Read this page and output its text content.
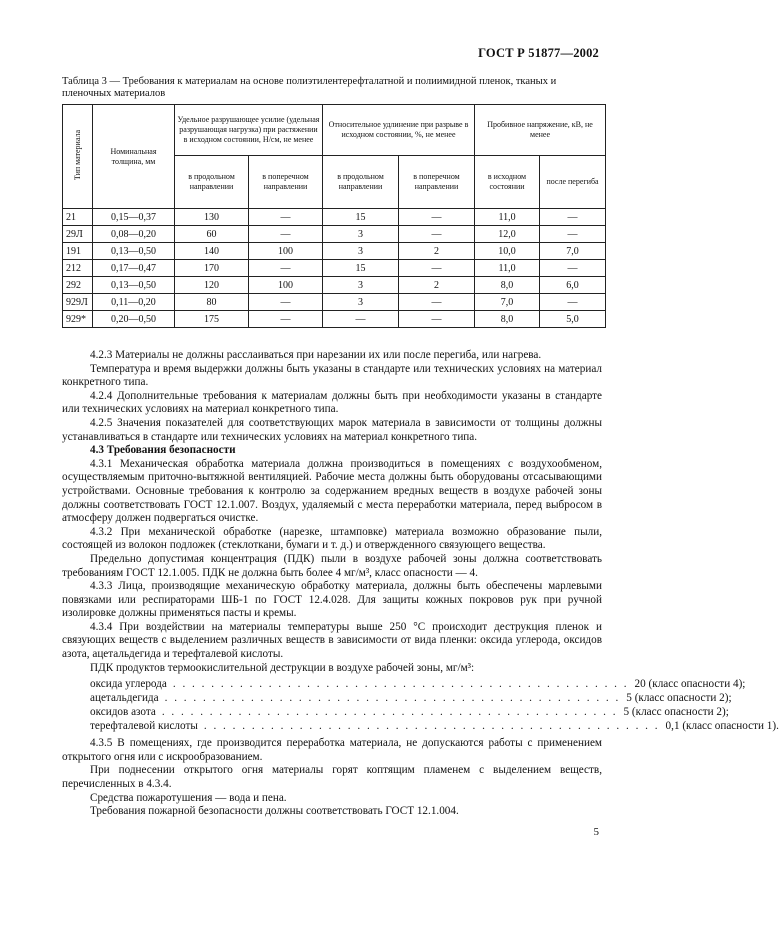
ГОСТ Р 51877—2002
Таблица 3 — Требования к материалам на основе полиэтилентерефталатной и полиимидной пленок, тканых и пленочных материалов
Тип материала	Номинальная толщина, мм	Удельное разрушающее усилие (удельная разрушающая нагрузка) при растяжении в исходном состоянии, Н/см, не менее		Относительное удлинение при разрыве в исходном состоянии, %, не менее		Пробивное напряжение, кВ, не менее	
		в продольном направлении	в поперечном направлении	в продольном направлении	в поперечном направлении	в исходном состоянии	после перегиба
21	0,15—0,37	130	—	15	—	11,0	—
29Л	0,08—0,20	60	—	3	—	12,0	—
191	0,13—0,50	140	100	3	2	10,0	7,0
212	0,17—0,47	170	—	15	—	11,0	—
292	0,13—0,50	120	100	3	2	8,0	6,0
929Л	0,11—0,20	80	—	3	—	7,0	—
929*	0,20—0,50	175	—	—	—	8,0	5,0

4.2.3 Материалы не должны расслаиваться при нарезании их или после перегиба, или нагрева.

Температура и время выдержки должны быть указаны в стандарте или технических условиях на материал конкретного типа.

4.2.4 Дополнительные требования к материалам должны быть при необходимости указаны в стандарте или технических условиях на материал конкретного типа.

4.2.5 Значения показателей для соответствующих марок материала в зависимости от толщины должны устанавливаться в стандарте или технических условиях на материал конкретного типа.

4.3 Требования безопасности

4.3.1 Механическая обработка материала должна производиться в помещениях с воздухообменом, осуществляемым приточно-вытяжной вентиляцией. Рабочие места должны быть оборудованы отсасывающими устройствами. Основные требования к контролю за содержанием вредных веществ в воздухе рабочей зоны должны соответствовать ГОСТ 12.1.007. Воздух, удаляемый с места переработки материала, перед выбросом в атмосферу должен подвергаться очистке.

4.3.2 При механической обработке (нарезке, штамповке) материала возможно образование пыли, состоящей из волокон подложек (стеклоткани, бумаги и т. д.) и отвержденного связующего вещества.

Предельно допустимая концентрация (ПДК) пыли в воздухе рабочей зоны должна соответствовать требованиям ГОСТ 12.1.005. ПДК не должна быть более 4 мг/м³, класс опасности — 4.

4.3.3 Лица, производящие механическую обработку материала, должны быть обеспечены марлевыми повязками или респираторами ШБ-1 по ГОСТ 12.4.028. Для защиты кожных покровов рук при ручной изолировке должны применяться пасты и кремы.

4.3.4 При воздействии на материалы температуры выше 250 °С происходит деструкция пленок и связующих веществ с выделением различных веществ в зависимости от вида пленки: оксида углерода, оксидов азота, ацетальдегида и терефталевой кислоты.

ПДК продуктов термоокислительной деструкции в воздухе рабочей зоны, мг/м³:

оксида углерода . . . . . . . . . . . . . . . . . . . . . . . . . . . . . . . . . . . . . . . . . . . . . . . . 20 (класс опасности 4);
ацетальдегида . . . . . . . . . . . . . . . . . . . . . . . . . . . . . . . . . . . . . . . . . . . . . . . . 5 (класс опасности 2);
оксидов азота . . . . . . . . . . . . . . . . . . . . . . . . . . . . . . . . . . . . . . . . . . . . . . . . 5 (класс опасности 2);
терефталевой кислоты . . . . . . . . . . . . . . . . . . . . . . . . . . . . . . . . . . . . . . . . . . . . . . . . 0,1 (класс опасности 1).

4.3.5 В помещениях, где производится переработка материала, не допускаются работы с применением открытого огня или с искрообразованием.

При поднесении открытого огня материалы горят коптящим пламенем с выделением веществ, перечисленных в 4.3.4.

Средства пожаротушения — вода и пена.

Требования пожарной безопасности должны соответствовать ГОСТ 12.1.004.

5
